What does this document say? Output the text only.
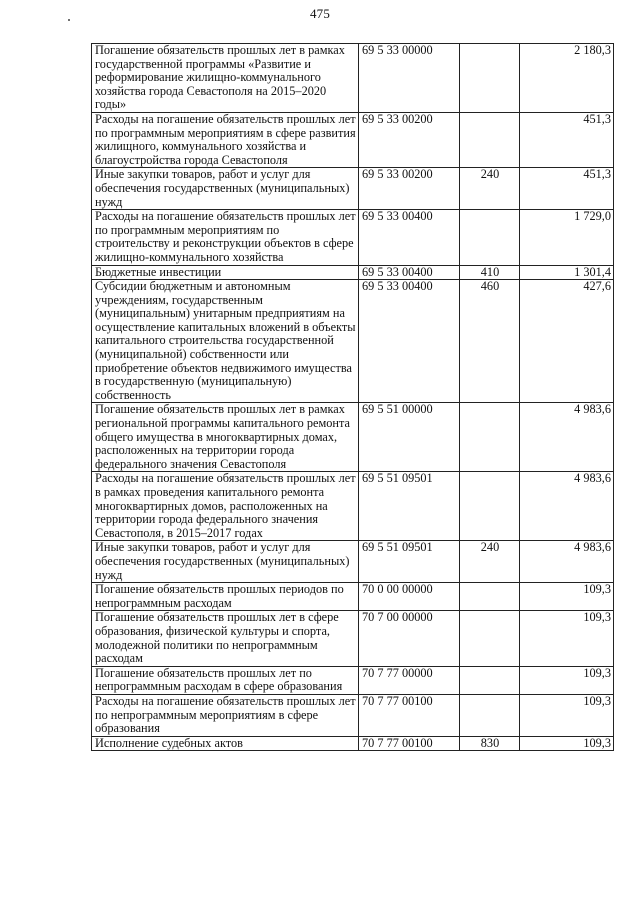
475
Погашение обязательств прошлых лет в рамках государственной программы «Развитие и реформирование жилищно-коммунального хозяйства города Севастополя на 2015–2020 годы»	69 5 33 00000		2 180,3
Расходы на погашение обязательств прошлых лет по программным мероприятиям в сфере развития жилищного, коммунального хозяйства и благоустройства города Севастополя	69 5 33 00200		451,3
Иные закупки товаров, работ и услуг для обеспечения государственных (муниципальных) нужд	69 5 33 00200	240	451,3
Расходы на погашение обязательств прошлых лет по программным мероприятиям по строительству и реконструкции объектов в сфере жилищно-коммунального хозяйства	69 5 33 00400		1 729,0
Бюджетные инвестиции	69 5 33 00400	410	1 301,4
Субсидии бюджетным и автономным учреждениям, государственным (муниципальным) унитарным предприятиям на осуществление капитальных вложений в объекты капитального строительства государственной (муниципальной) собственности или приобретение объектов недвижимого имущества в государственную (муниципальную) собственность	69 5 33 00400	460	427,6
Погашение обязательств прошлых лет в рамках региональной программы капитального ремонта общего имущества в многоквартирных домах, расположенных на территории города федерального значения Севастополя	69 5 51 00000		4 983,6
Расходы на погашение обязательств прошлых лет в рамках проведения капитального ремонта многоквартирных домов, расположенных на территории города федерального значения Севастополя, в 2015–2017 годах	69 5 51 09501		4 983,6
Иные закупки товаров, работ и услуг для обеспечения государственных (муниципальных) нужд	69 5 51 09501	240	4 983,6
Погашение обязательств прошлых периодов по непрограммным расходам	70 0 00 00000		109,3
Погашение обязательств прошлых лет в сфере образования, физической культуры и спорта, молодежной политики по непрограммным расходам	70 7 00 00000		109,3
Погашение обязательств прошлых лет по непрограммным расходам в сфере образования	70 7 77 00000		109,3
Расходы на погашение обязательств прошлых лет по непрограммным мероприятиям в сфере образования	70 7 77 00100		109,3
Исполнение судебных актов	70 7 77 00100	830	109,3
